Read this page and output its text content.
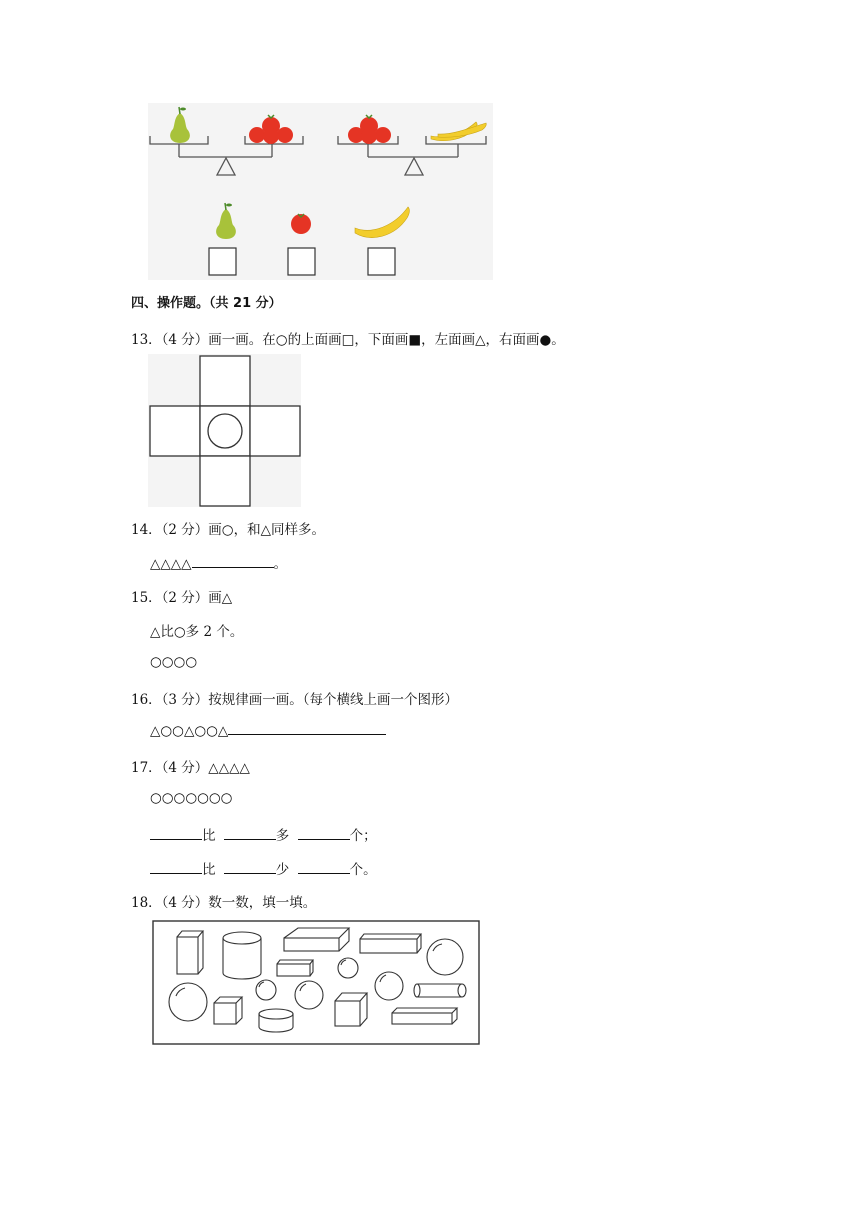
四、操作题。（共 21 分）
13．（4 分）画一画。在○的上面画□，下面画■，左面画△，右面画●。
14．（2 分）画○，和△同样多。
△△△△	。
15．（2 分）画△
△比○多 2 个。
○○○○
16．（3 分）按规律画一画。（每个横线上画一个图形）
△○○△○○△
17．（4 分）△△△△
○○○○○○○
比	多	个；
比	少	个。
18．（4 分）数一数，填一填。
